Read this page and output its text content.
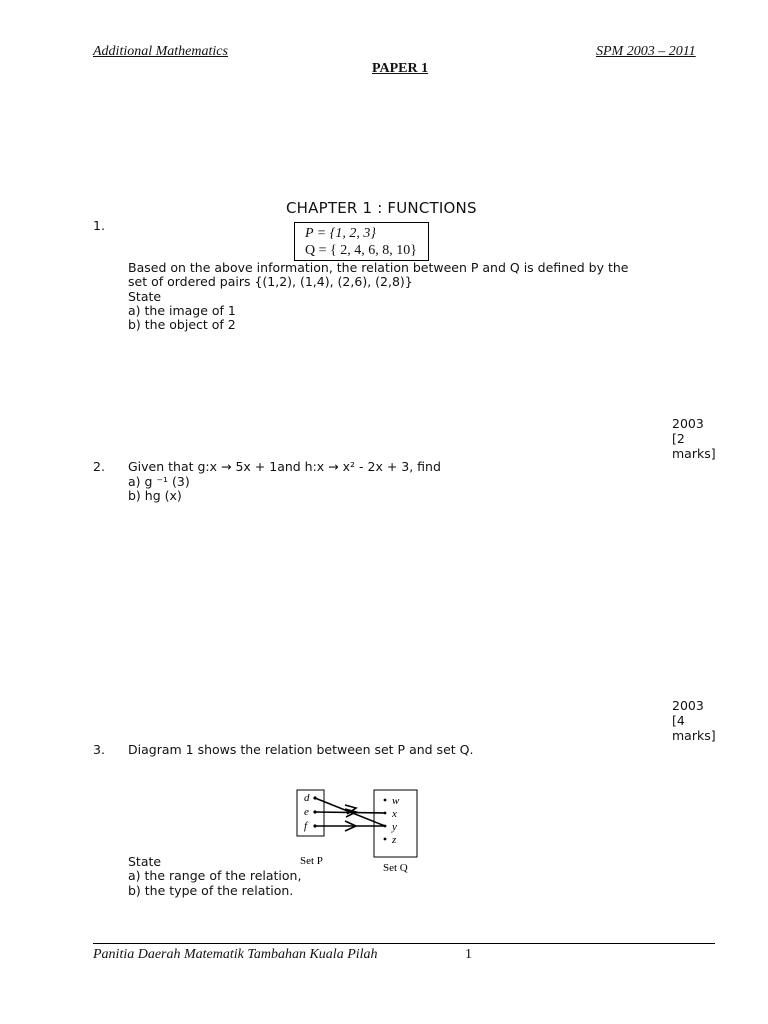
Additional Mathematics	SPM 2003 – 2011
PAPER 1
CHAPTER 1 : FUNCTIONS
1.
P = {1, 2, 3}
Q = { 2, 4, 6, 8, 10}
Based on the above information, the relation between P and Q is defined by the
set of ordered pairs {(1,2), (1,4), (2,6), (2,8)}
State
a) the image of 1
b) the object of 2
2003
[2 marks]
2. Given that g:x → 5x + 1and h:x → x² - 2x + 3, find
a) g ⁻¹ (3)
b) hg (x)
2003
[4 marks]
3. Diagram 1 shows the relation between set P and set Q.
d
e
f
w
x
y
z
Set P
Set Q
State
a) the range of the relation,
b) the type of the relation.
Panitia Daerah Matematik Tambahan Kuala Pilah	1
